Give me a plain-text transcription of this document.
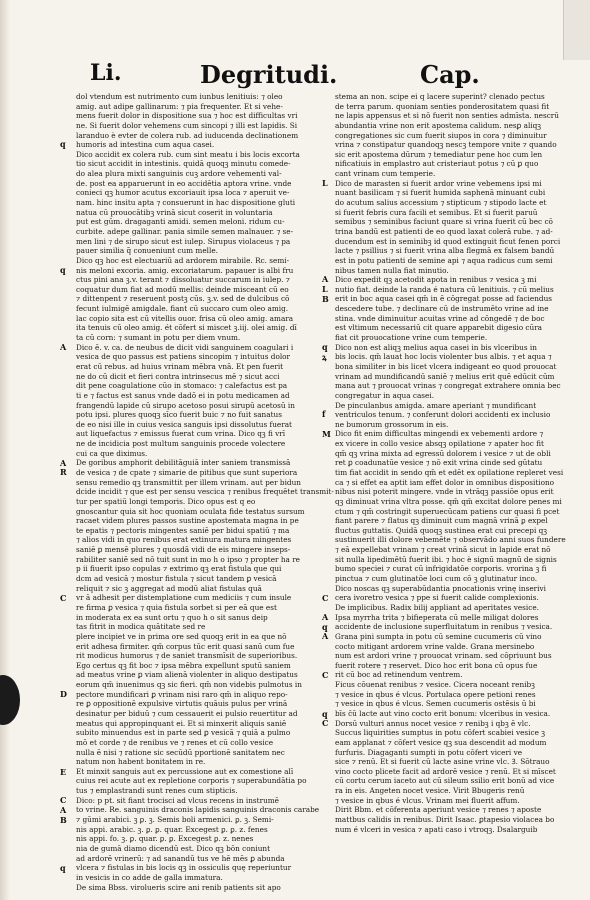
Li.	Degritudi.	Cap.
dol vtendum est nutrimento cum iunbus lenitiuis: ⁊ oleo
amig. aut adipe gallinarum: ⁊ pia frequenter. Et si vehe-
mens fuerit dolor in dispositione sua ⁊ hoc est difficultas vri
ne. Si fuerit dolor vehemens cum sincopi ⁊ illi est lapidis. Si
laranduo è evter de colera rub. ad iuducenda declinationem
humoris ad intestina cum aqua casei.
Dico accidit ex colera rub. cum sint meatu i bis locis excorta
tio sicut accidit in intestinis. quidā quoqꝫ minutu comede-
do alea plura mixti sanguinis cuꝫ ardore vehementi val-
de. post ea apparuerunt in eo accidētia aptora vrine. vnde
conieci qꝫ humor acutus excoriauit ipsa loca ⁊ aperuit ve-
nam. hinc insitu apta ⁊ consuerunt in hac dispositione gluti
natua cū prouocātibꝫ vrinā sicut coserit in voluntaria
put est gūm. dragaganti amidi. semen meloni. ridum cu-
curbite. adepe gallinar. pania simile semen malnauer. ⁊ se-
men lini ⁊ de sirupo sicut est iulep. Sirupus violaceus ⁊ pa
pauer similia q̃ conueniunt cum melle.
Dico qꝫ hoc est electuariū ad ardorem mirabile. Rc. semi-
nis meloni excoria. amig. excoriatarum. papauer is albi fru
ctus pini ana ꝫ.v. terant ⁊ dissoluatur succarum in iulep. ⁊
coquatur dum fiat ad modū mellis: deinde misceant cū eo
⁊ dittenpent ⁊ reseruent postꝫ cūs. ꝫ.v. sed de dulcibus cō
fecunt iulmigē amigdale. fiant cū succaro cum oleo amig.
lac copio sita est cū vitellis ouor. frisa cū oleo amig. amara
ita tenuis cū oleo amig. ét cōfert si miscet ꝫ.iij. olei amig. dī
ta cū corn: ⁊ sumant in potu per diem vnum.
Dico ē. v. ca. de neubus de dicit vidi sanguinem coagulari i
vesica de quo passus est patiens sincopim ⁊ intuitus dolor
erat cū rebus. ad huius vrinam mēbra vnā. Et pen fuerit
ne do cū dicit et fieri contra intrinsecus mē ⁊ sicut acci
dit pene coagulatione cūo in stomaco: ⁊ calefactus est pa
ti e ⁊ factus est sanus vnde dadō ei in potu medicamen ad
frangendū lapide cū sirupo acetoso posui sirupū acetosū in
potu ipsi. plures quoqꝫ sīco fuerit buic ⁊ no fuit sanatus
de eo nisi ille in cuius vesica sanguis ipsi dissolutus fuerat
aut liquefactus ⁊ emissus fuerat cum vrina. Dico qꝫ fi vrī
ne de incidicia post multum sanguinis procede volectere
cui ca que diximus.
De goribus amphorit debilitāguiā inter saniem transmissā
de vesica ⁊ de cpate ⁊ simarie de pitibus que sunt superiora
sensu remedio qꝫ transmittit per illem vrinam. aut per bidun
dcide incidit ⁊ que est per sensu vescica ⁊ renibus frequētet transmit-
tur per spatiū longi temporis. Dico opus est q eo
gnoscantur quia sit hoc quoniam oculata fide testatus sursum
racaet videm plures passos sustine apostemata magna in pe
te epatis ⁊ pectoris mingentes saniē per bidui spatiū ⁊ ma
⁊ alios vidi in quo renibus erat extinura matura mingentes
saniē ꝑ mensē plures ⁊ quosdā vidi de eis mingere inseps-
rabiliter saniē sed nō tuit sunt in mo h o ipso ⁊ propter ha re
p ii fiuerit ipso copulas ⁊ extrimo qꝫ erat fistula que qui
dcm ad vesicā ⁊ mostur fistula ⁊ sicut tandem ꝑ vesicā
reliquit ⁊ sic ꝫ aggregat ad modū aliat fistulas quā
vr ā adhesit per distemplatione cum mediciis ⁊ cum insule
re firma ꝑ vesica ⁊ quia fistula sorbet si per eā que est
in moderata ex ea sunt ortu ⁊ quo h o sit sanus deip
tas fitrit in modica quātitate sed re
plere incipiet ve in prima ore sed quoqꝫ erit in ea que nō
erit adhesa firmiter. qm̄ corpus tūc erit quasi sanū cum fue
rit modicus humorus ⁊ de saniet transmīsit de superioribus.
Ego certus qꝫ fit boc ⁊ ipsa mēbra expellunt sputū saniem
ad meatus vrine ꝑ viam alienā violenter in aliquo destipatus
eorum qm̄ inuenimus qꝫ sic fieri. qm̄ non videbis pulmotus in
pectore mundificari ꝑ vrinam nisi raro qm̄ in aliquo repo-
re ꝑ oppositionē expulsive virtutis quāuis pulus per vrinā
desinatur per biduū ⁊ cum cessauerit ei pulsio reuertitur ad
meatus qui appropinquant ei. Et si minxerit aliquis saniē
subito minuendus est in parte sed ꝑ vesicā ⁊ quiā a pulmo
mō et corde ⁊ de renibus ve ⁊ renes et cū collo vesice
nulla ē nisi ⁊ ratione sic secūdū pportionē sanitatem nec
natum non habent bonitatem in re.
Et minxit sanguis aut ex percussione aut ex comestione alī
cuius rei acute aut ex repletione corporis ⁊ superabundātia po
tus ⁊ emplastrandi sunt renes cum stipticis.
Dico: p pt. sit fiant trocisci ad vlcus recens in instrumē
to vrine. Re. sanguinis draconis lapidis sanguinis draconis carabe
⁊ gūmi arabici. ꝫ ꝑ. ꝫ. Semis boli armenici. ꝑ. ꝫ. Semi-
nis appi. arabic. ꝫ. ꝑ. ꝑ. quar. Excegest ꝑ. ꝑ. z. fenes
nis appi. fo. ꝫ. ꝑ. quar. ꝑ. ꝑ. Excegest ꝑ. z. nenes
nia de gumā diamo dicendū est. Dico qꝫ bōn coniunt
ad ardorē vrinerū: ⁊ ad sanandū tus ve hē mēs ꝑ abunda
vlcera ⁊ fistulas in bis locis qꝫ in ossiculis quę reperiuntur
in vesicis in co adde de galla immatura.
De sima Bbss. virolueris scire ani renib patients sit apo
stema an non. scipe ei q lacere superint? clenado pectus
de terra parum. quoniam senties ponderositatem quasi fit
ne lapis appensus et si nō fuerit non senties admīsta. nescrū
abundantia vrine non erit apostema calidum. nesꝑ aliqꝫ
congregationes sic cum fuerit siupos in cora ⁊ diminuitur
vrina ⁊ constipatur quandoqꝫ nescꝫ tempore vnite ⁊ quando
sic erit apostema dūrum ⁊ temediatur pene hoc cum len
nificatiuis in emplastro aut cristeriaut potus ⁊ cū ꝑ quo
cant vrinam cum temperie.
Dico de marasten si fuerit ardor vrine vebemens ipsi mi
nuant basilicam ⁊ si fuerit humida saphenā minuant cubi
do acutum salius accessium ⁊ stipticum ⁊ stipodo lacte et
si fuerit febris cura facili et semibus. Et si fuerit paruū
semibus ⁊ seminibus faciunt quare si vrina fuerit cū bec cō
trina bandū est patienti de eo quod laxat colerā rube. ⁊ ad-
ducendum est in seminibꝫ id quod extinguit ficut fenen porci
lacte ⁊ psillius ⁊ si fuerit vrina alba flegmā ex falsem bandū
est in potu patienti de semine api ⁊ aqua radicus cum semi
nibus tamen nulla fiat minutio.
Dico expedit qꝫ acetodit apota in renibus ⁊ vesica ꝫ mi
nutio fiat. deinde la randa é natura cū lenitiuis. ⁊ cū melius
erit in boc aqua casei qm̄ in ē cōgregat posse ad faciendus
descedere tube. ⁊ declinare cū de instrumēto vrine ad ine
stina. vnde diminuitur acuitas vrine ad cōngedē ⁊ de boc
est vltimum necessariū cit quare apparebit digesio cūra
fiat cit prouocatione vrine cum temperie.
Dico non est aliqꝫ melius aqua casei in bis vlceribus in
bis locis. qm̄ lauat hoc locis violenter bus albis. ⁊ et aqua ⁊
bona similiter in bis licet vlcera indigeant eo quod prouocat
vrinam ad mundificandū saniē ⁊ melius erit quē edūcit cūm
mana aut ⁊ prouocat vrinas ⁊ congregat extrahere omnia bec
congregatur in aqua casei.
De pinculanbus amigda. amare aperiant ⁊ mundificant
ventriculos tenum. ⁊ conferunt dolori accidenti ex inclusio
ne bumorum grossorum in eis.
Dico fit enim difficultas mingendi ex vebementi ardore ⁊
ex vicere in collo vesice absqꝫ opilatione ⁊ apater hoc fit
qm̄ qꝫ vrina mixta ad egressū dolorem i vesice ⁊ ut de obli
ret ꝑ coadunatūe vesice ⁊ nō exit vrina cinde sed gūtatu
tim fiat accidit in sendo qm̄ et edēt ex opilatione repleret vesi
ca ⁊ si effet ea aptit iam effet dolor in omnibus dispositiono
nibus nisi poterit mingere. vnde in vtrāqꝫ passiōe opus erit
qꝫ diminuat vrina vltra posse. qm̄ qm̄ excitat dolore penes mi
ctum ⁊ qm̄ costringit superuecūcam patiens cur quasi fi pcet
fiant parere ⁊ flatus qꝫ diminuit cum magnā vrinā ꝑ expel
fluctus guttatis. Quidā quoqꝫ sustinea erat cui precepi qꝫ
sustinuerit illi dolore vebemēte ⁊ observādo anni suos fundere
⁊ eā expellebat vrinam ⁊ creat vrinā sicut in lapide erat nō
sit nulla lipedimētū fuerit ibi. ⁊ hoc è signū magnū de signis
bumo speciei ⁊ curat cū infrigidatōe corporis. vrorina ꝫ fi
pinctua ⁊ cum glutinatōe loci cum cō ꝫ glutinatur inco.
Dico noscas qꝫ superabūdantia pnocationis vrinę inserivi
cera ivoretro vesica ⁊ ppe si fuerit calide complexionis.
De implicibus. Radix bilij appliant ad aperitates vesice.
Ipsa myrrha trita ⁊ bifieperata cū melle miligat dolores
accidente de inclusione superfluitatum in renibus ⁊ vesica.
Grana pini sumpta in potu cū semine cucumeris cū vino
cocto mitigant ardorem vrine valde. Grana mersinebo
num est ardori vrine ⁊ prouocat vrinam. sed cōpriuunt bus
fuerit rotere ⁊ reservet. Dico hoc erit bona cū opus fue
rit cū boc ad retinendum ventrem.
Ficus cōuenat renibus ⁊ vesice. Cicera noceant renibꝫ
⁊ vesice in qbus é vlcus. Portulaca opere petioni renes
⁊ vesice in qbus é vlcus. Semen cucumeris ostēsis ū bi
bīs c̄ū lacte aut vino cocto erit bonum: vlceribus in vesica.
Dorsū vulturi annus nocet vesice ⁊ renibꝫ i qbꝫ ē vlc.
Succus liquirities sumptus in potu cōfert scabiei vesice ꝫ
eam applanat ⁊ cōfert vesice qꝫ sua descendit ad modum
furfuris. Diagaganti sumpti in potu cōfert viceri ve
sice ⁊ renū. Et si fuerit cū lacte asine vrine vlc. Ꝫ. Sōtrauo
vino cocto plicete facit ad ardorē vesice ⁊ renū. Et si mīscet
cū cortu cerum iaceto aut cū sileum ssilio erit bonū ad vice
ra in eis. Angeten nocet vesice. Virit Bbugeris renū
⁊ vesice in qbus é vlcus. Vrinam mei fluerit affum.
Dirit Bbm. et cōferenta aperiunt vesice ⁊ renes ⁊ aposte
mattbus calidis in renibus. Dirit Isaac. ꝑtapesio violacea bo
num é vlceri in vesica ⁊ apati caso i vtroqꝫ. Dsalarguib
q
q
A
A
R
C
D
E
C
A
B
q
L
A
L
B
q
ꝝ
f
M
C
A
q
A
C
q
C
